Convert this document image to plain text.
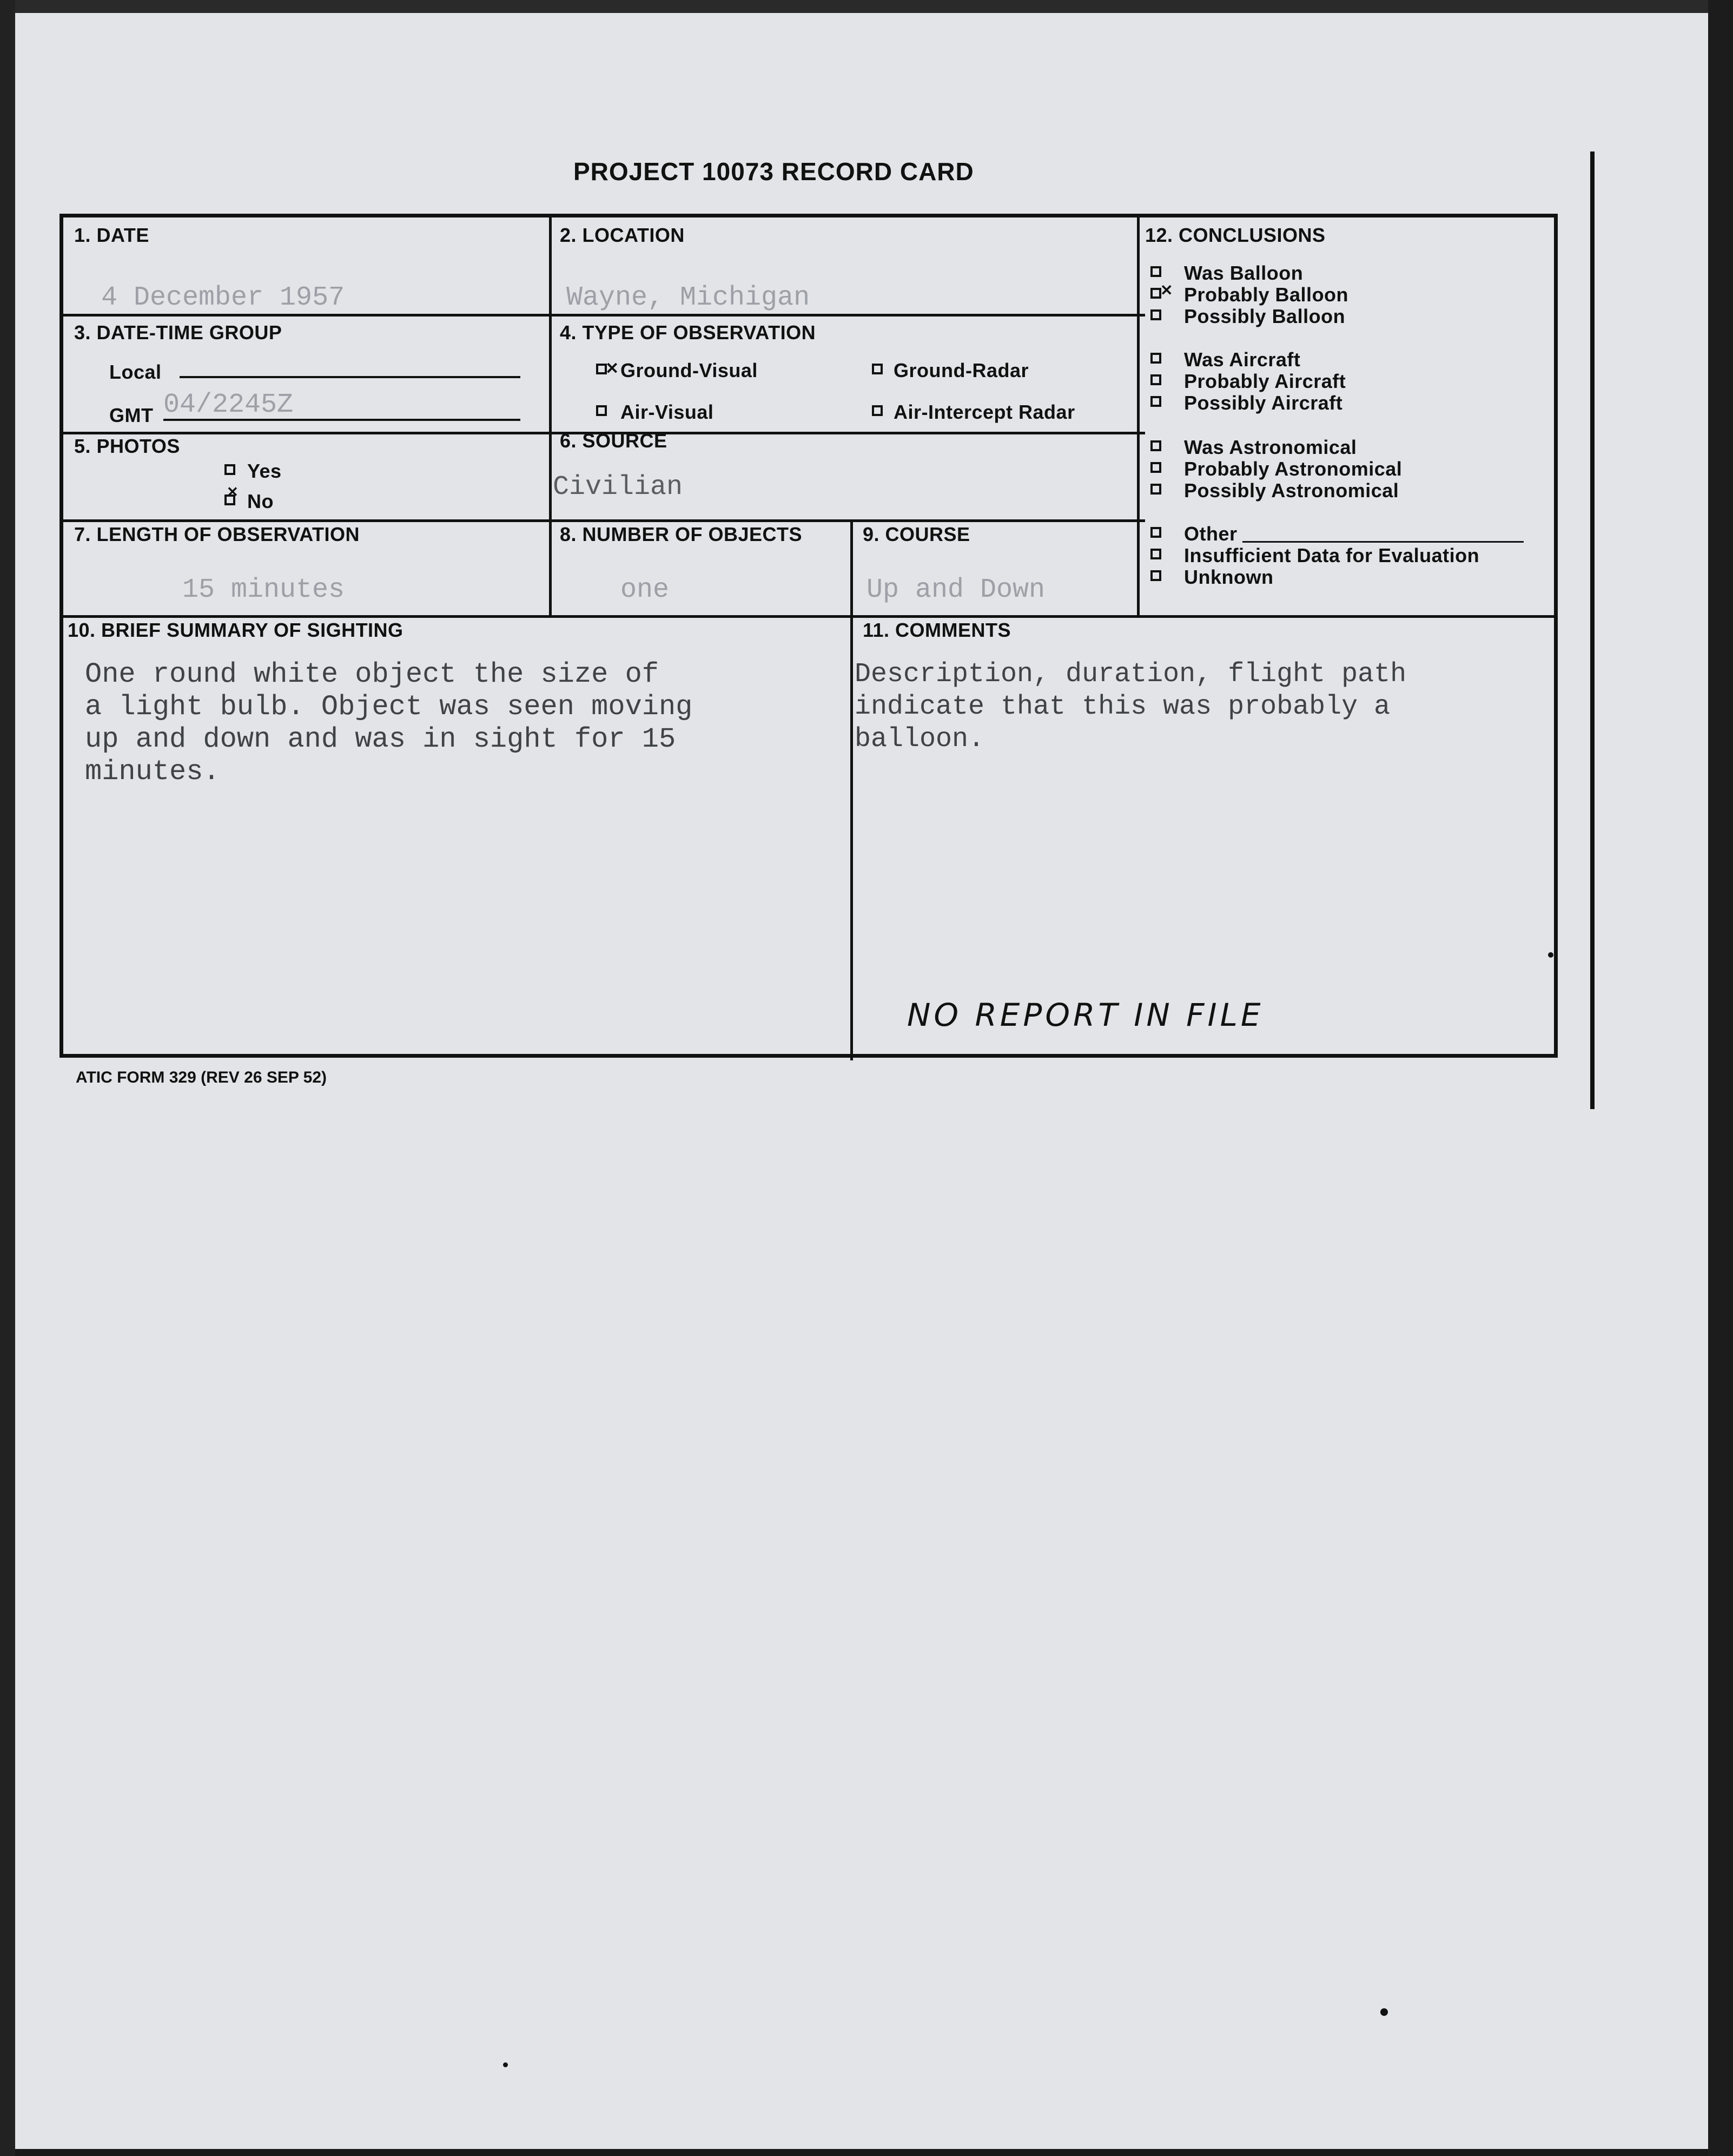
PROJECT 10073 RECORD CARD
1. DATE
4 December 1957
2. LOCATION
Wayne, Michigan
3. DATE-TIME GROUP
Local
GMT 04/2245Z
4. TYPE OF OBSERVATION
✕ Ground-Visual	Ground-Radar
Air-Visual	Air-Intercept Radar
5. PHOTOS
Yes
✕ No
6. SOURCE
Civilian
7. LENGTH OF OBSERVATION
15 minutes
8. NUMBER OF OBJECTS
one
9. COURSE
Up and Down
12. CONCLUSIONS
Was Balloon
✕ Probably Balloon
Possibly Balloon
Was Aircraft
Probably Aircraft
Possibly Aircraft
Was Astronomical
Probably Astronomical
Possibly Astronomical
Other
Insufficient Data for Evaluation
Unknown
10. BRIEF SUMMARY OF SIGHTING
One round white object the size of
a light bulb. Object was seen moving
up and down and was in sight for 15
minutes.
11. COMMENTS
Description, duration, flight path
indicate that this was probably a
balloon.
NO REPORT IN FILE
ATIC FORM 329 (REV 26 SEP 52)
